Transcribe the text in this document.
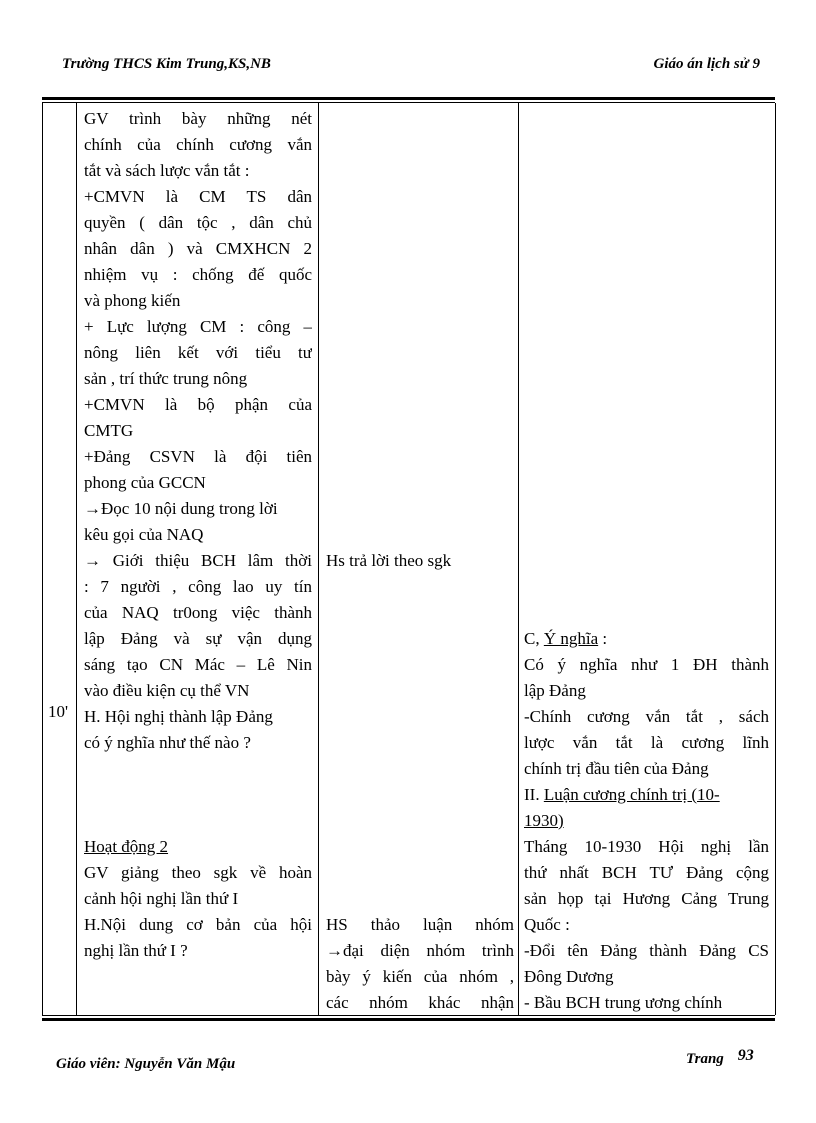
Trường THCS Kim Trung,KS,NB	Giáo án lịch sử 9
10'
GV trình bày những nét
chính của chính cương vắn
tắt và sách lược vắn tắt :
+CMVN là CM TS dân
quyền ( dân tộc , dân chủ
nhân dân ) và CMXHCN 2
nhiệm vụ : chống đế quốc
và phong kiến
+ Lực lượng CM : công –
nông liên kết với tiểu tư
sản , trí thức trung nông
+CMVN là bộ phận của
CMTG
+Đảng CSVN là đội tiên
phong của GCCN
→Đọc 10 nội dung trong lời
kêu gọi của NAQ
→ Giới thiệu BCH lâm thời
: 7 người , công lao uy tín
của NAQ tr0ong việc thành
lập Đảng và sự vận dụng
sáng tạo CN Mác – Lê Nin
vào điều kiện cụ thể VN
H. Hội nghị thành lập Đảng
có ý nghĩa như thế nào ?
Hoạt động 2
GV giảng theo sgk về hoàn
cảnh hội nghị lần thứ I
H.Nội dung cơ bản của hội
nghị lần thứ I ?
Hs trả lời theo sgk
HS thảo luận nhóm
→đại diện nhóm trình
bày ý kiến của nhóm ,
các nhóm khác nhận
C, Ý nghĩa :
Có ý nghĩa như 1 ĐH thành
lập Đảng
-Chính cương vắn tắt , sách
lược vắn tắt là cương lĩnh
chính trị đầu tiên của Đảng
II. Luận cương chính trị (10-
1930)
Tháng 10-1930 Hội nghị lần
thứ nhất BCH TƯ Đảng cộng
sản họp tại Hương Cảng Trung
Quốc :
-Đổi tên Đảng thành Đảng CS
Đông Dương
- Bầu BCH trung ương chính
Giáo viên: Nguyễn Văn Mậu	Trang 93
